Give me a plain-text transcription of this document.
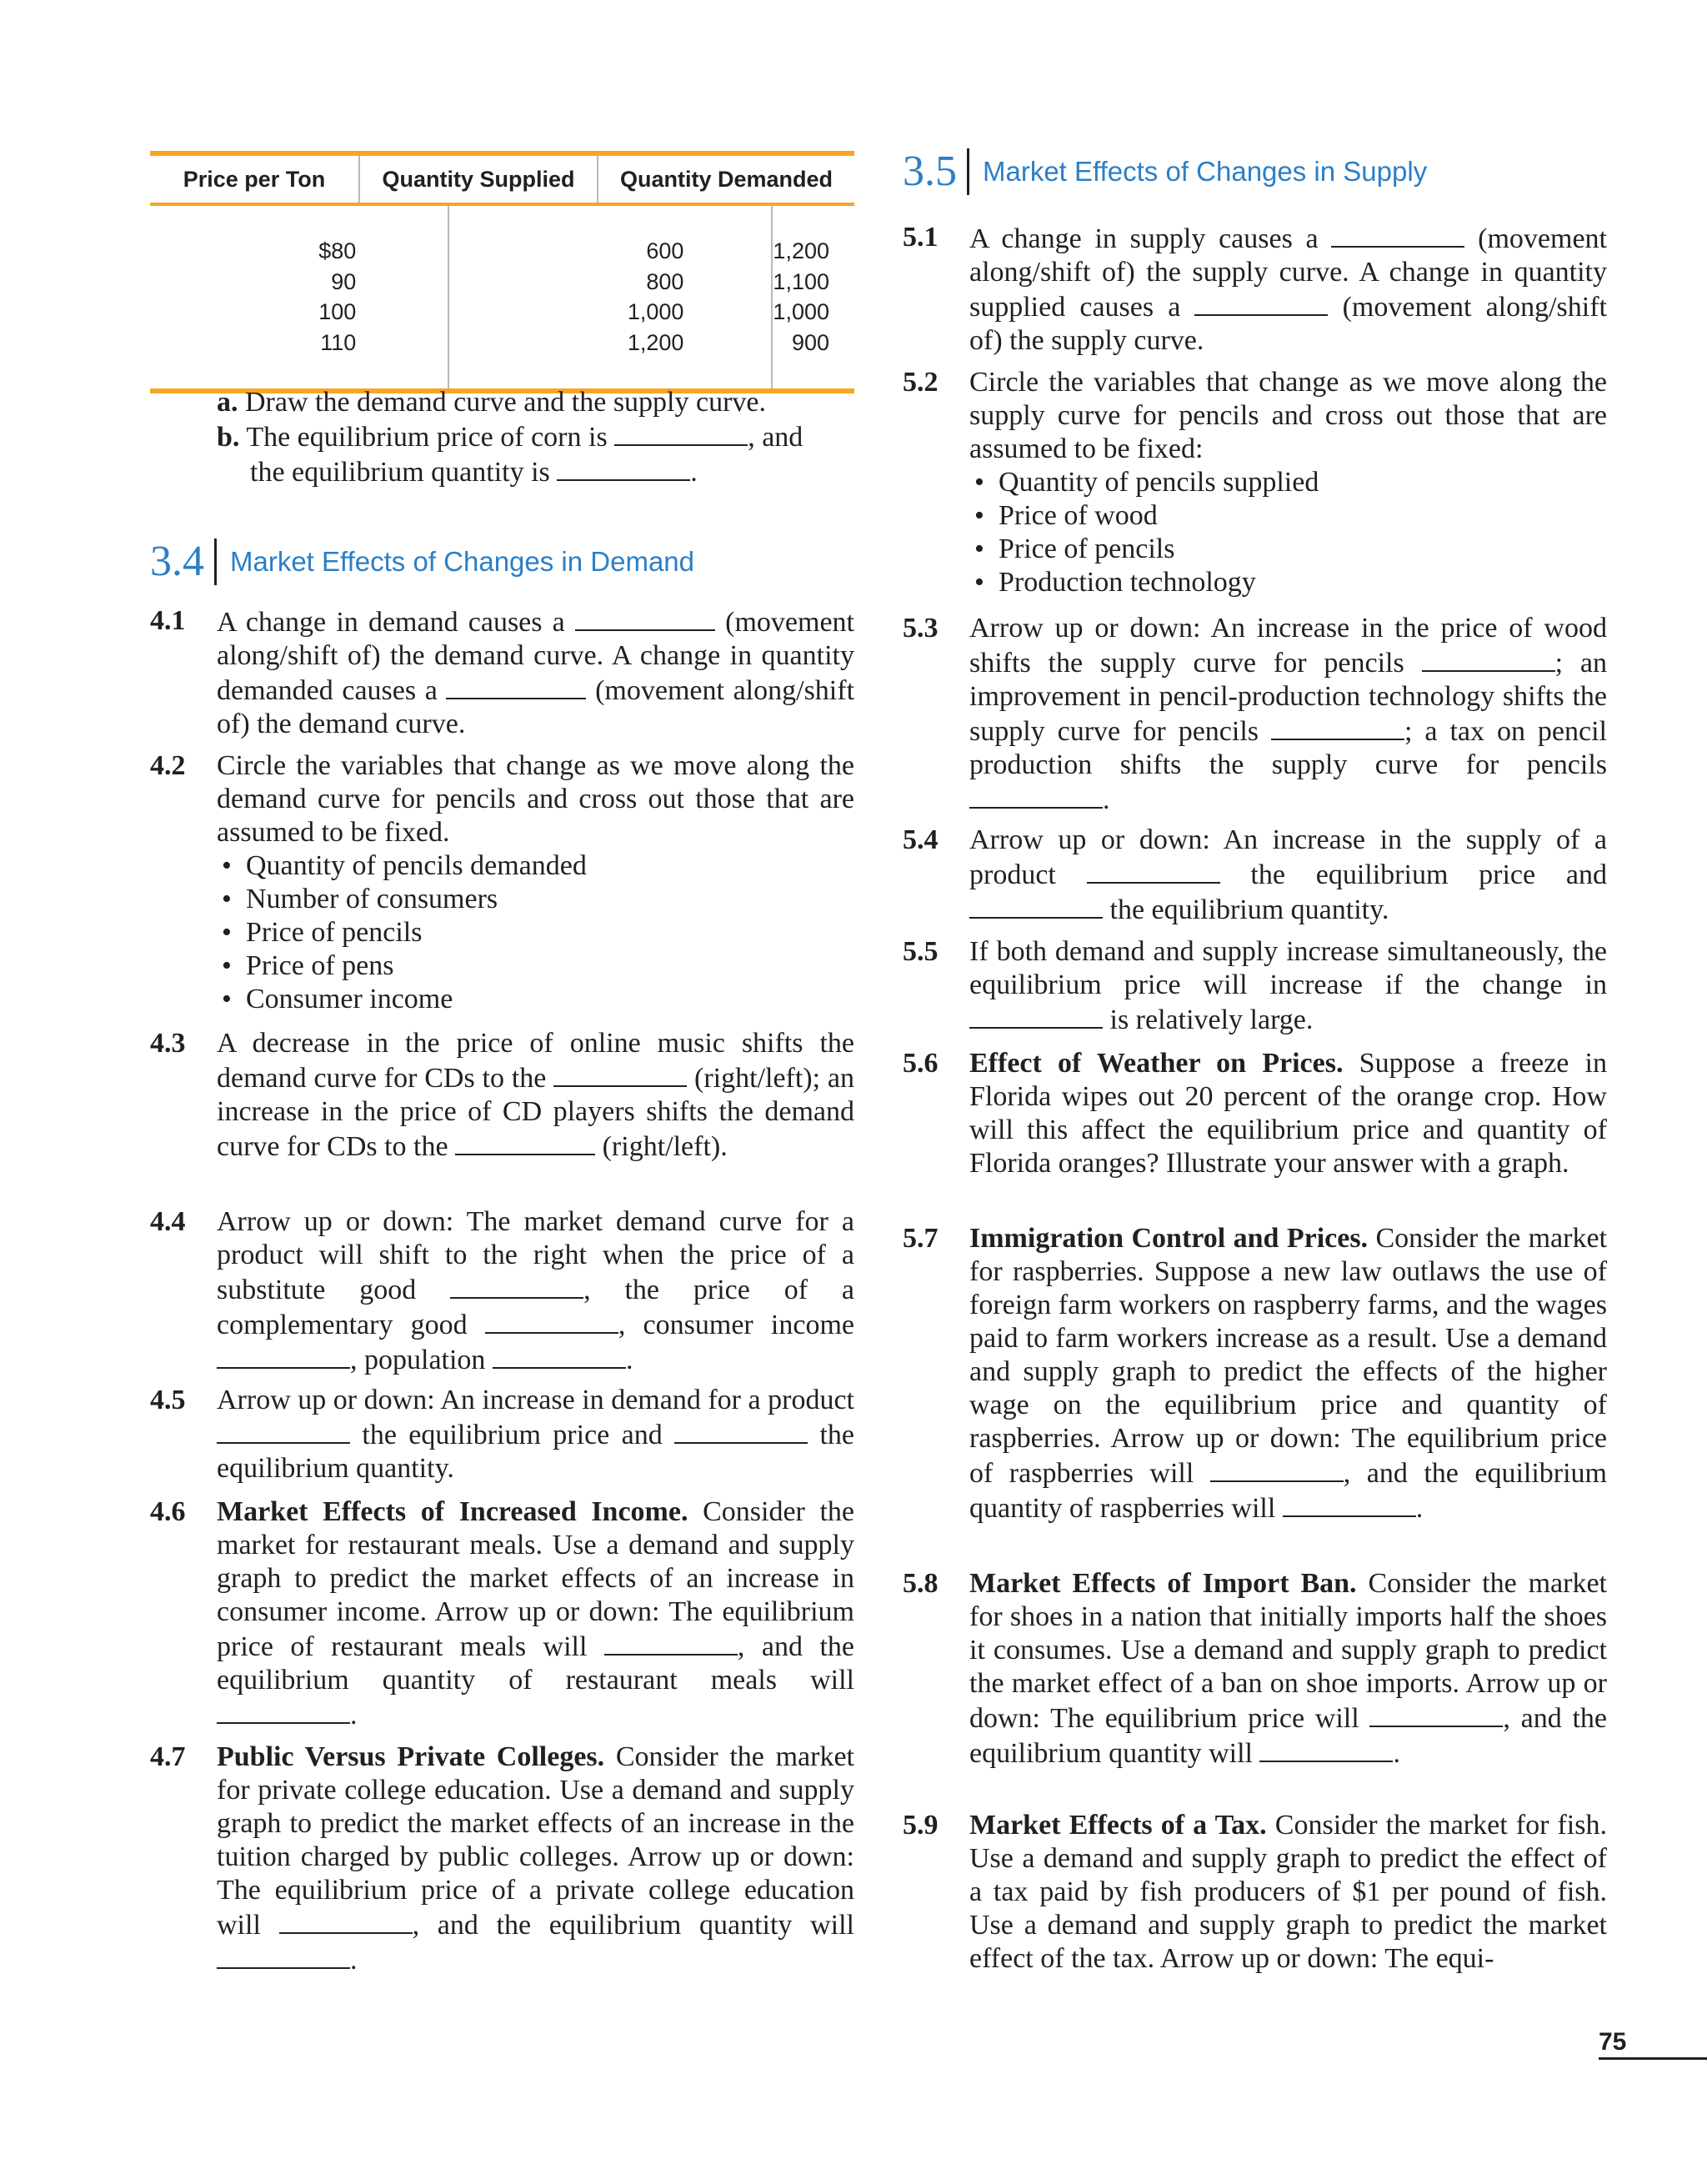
Price per Ton	Quantity Supplied	Quantity Demanded

$80	600	1,200
90	800	1,100
100	1,000	1,000
110	1,200	900

a. Draw the demand curve and the supply curve.
b. The equilibrium price of corn is	, and
the equilibrium quantity is	.
3.4 Market Effects of Changes in Demand
4.1 A change in demand causes a	(movement along/shift of) the demand curve. A change in quantity demanded causes a	(movement along/shift of) the demand curve.
4.2 Circle the variables that change as we move along the demand curve for pencils and cross out those that are assumed to be fixed.
• Quantity of pencils demanded
• Number of consumers
• Price of pencils
• Price of pens
• Consumer income
4.3 A decrease in the price of online music shifts the demand curve for CDs to the	(right/left); an increase in the price of CD players shifts the demand curve for CDs to the	(right/left).
4.4 Arrow up or down: The market demand curve for a product will shift to the right when the price of a substitute good	, the price of a complementary good	, consumer income , population	.
4.5 Arrow up or down: An increase in demand for a product  the equilibrium price and	the equilibrium quantity.
4.6 Market Effects of Increased Income. Consider the market for restaurant meals. Use a demand and supply graph to predict the market effects of an increase in consumer income. Arrow up or down: The equilibrium price of restaurant meals will	, and the equilibrium quantity of restaurant meals will .
4.7 Public Versus Private Colleges. Consider the market for private college education. Use a demand and supply graph to predict the market effects of an increase in the tuition charged by public colleges. Arrow up or down: The equilibrium price of a private college education will	, and the equilibrium quantity will .
3.5 Market Effects of Changes in Supply
5.1 A change in supply causes a	(movement along/shift of) the supply curve. A change in quantity supplied causes a	(movement along/shift of) the supply curve.
5.2 Circle the variables that change as we move along the supply curve for pencils and cross out those that are assumed to be fixed:
• Quantity of pencils supplied
• Price of wood
• Price of pencils
• Production technology
5.3 Arrow up or down: An increase in the price of wood shifts the supply curve for pencils	; an improvement in pencil-production technology shifts the supply curve for pencils	; a tax on pencil production shifts the supply curve for pencils .
5.4 Arrow up or down: An increase in the supply of a product	the equilibrium price and  the equilibrium quantity.
5.5 If both demand and supply increase simultaneously, the equilibrium price will increase if the change in  is relatively large.
5.6 Effect of Weather on Prices. Suppose a freeze in Florida wipes out 20 percent of the orange crop. How will this affect the equilibrium price and quantity of Florida oranges? Illustrate your answer with a graph.
5.7 Immigration Control and Prices. Consider the market for raspberries. Suppose a new law outlaws the use of foreign farm workers on raspberry farms, and the wages paid to farm workers increase as a result. Use a demand and supply graph to predict the effects of the higher wage on the equilibrium price and quantity of raspberries. Arrow up or down: The equilibrium price of raspberries will	, and the equilibrium quantity of raspberries will	.
5.8 Market Effects of Import Ban. Consider the market for shoes in a nation that initially imports half the shoes it consumes. Use a demand and supply graph to predict the market effect of a ban on shoe imports. Arrow up or down: The equilibrium price will	, and the equilibrium quantity will	.
5.9 Market Effects of a Tax. Consider the market for fish. Use a demand and supply graph to predict the effect of a tax paid by fish producers of $1 per pound of fish. Use a demand and supply graph to predict the market effect of the tax. Arrow up or down: The equi-
75
